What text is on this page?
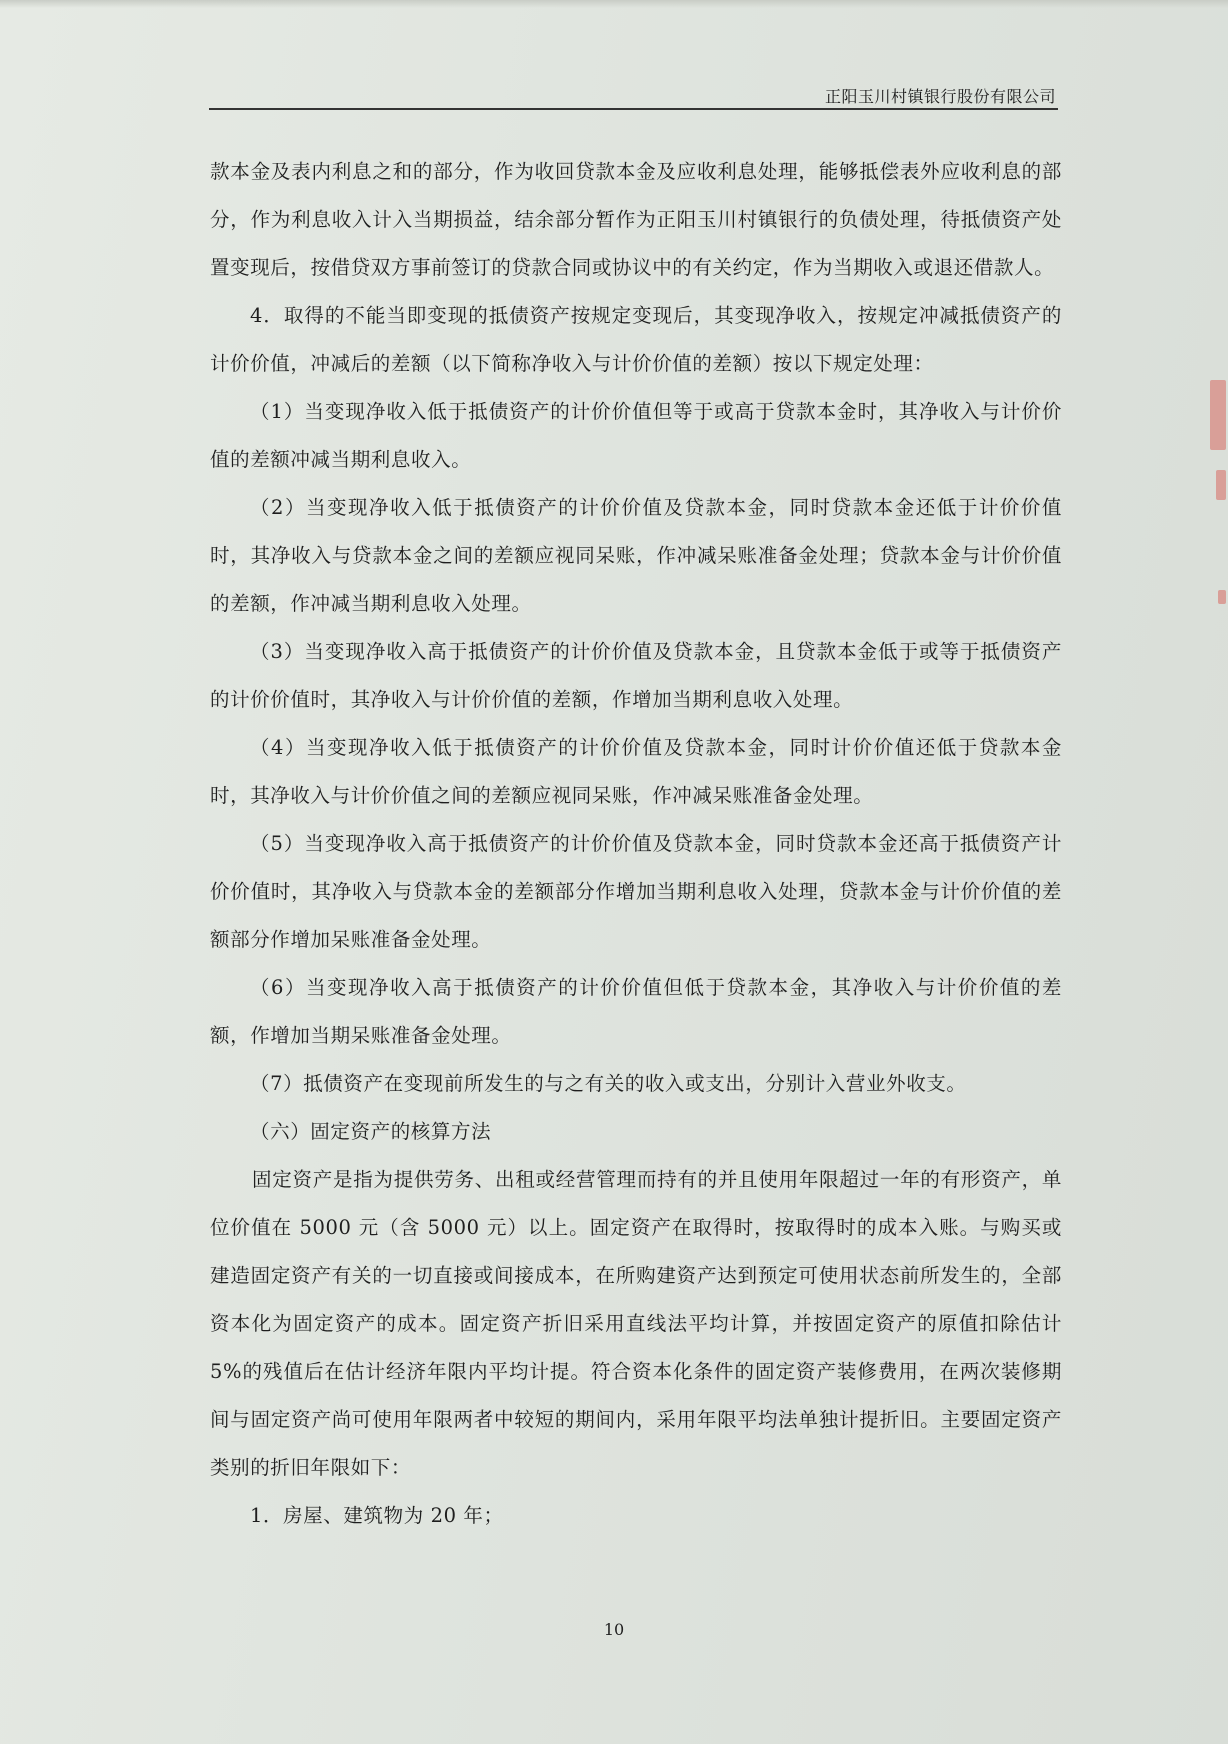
正阳玉川村镇银行股份有限公司

款本金及表内利息之和的部分，作为收回贷款本金及应收利息处理，能够抵偿表外应收利息的部分，作为利息收入计入当期损益，结余部分暂作为正阳玉川村镇银行的负债处理，待抵债资产处置变现后，按借贷双方事前签订的贷款合同或协议中的有关约定，作为当期收入或退还借款人。

4．取得的不能当即变现的抵债资产按规定变现后，其变现净收入，按规定冲减抵债资产的计价价值，冲减后的差额（以下简称净收入与计价价值的差额）按以下规定处理：

（1）当变现净收入低于抵债资产的计价价值但等于或高于贷款本金时，其净收入与计价价值的差额冲减当期利息收入。

（2）当变现净收入低于抵债资产的计价价值及贷款本金，同时贷款本金还低于计价价值时，其净收入与贷款本金之间的差额应视同呆账，作冲减呆账准备金处理；贷款本金与计价价值的差额，作冲减当期利息收入处理。

（3）当变现净收入高于抵债资产的计价价值及贷款本金，且贷款本金低于或等于抵债资产的计价价值时，其净收入与计价价值的差额，作增加当期利息收入处理。

（4）当变现净收入低于抵债资产的计价价值及贷款本金，同时计价价值还低于贷款本金时，其净收入与计价价值之间的差额应视同呆账，作冲减呆账准备金处理。

（5）当变现净收入高于抵债资产的计价价值及贷款本金，同时贷款本金还高于抵债资产计价价值时，其净收入与贷款本金的差额部分作增加当期利息收入处理，贷款本金与计价价值的差额部分作增加呆账准备金处理。

（6）当变现净收入高于抵债资产的计价价值但低于贷款本金，其净收入与计价价值的差额，作增加当期呆账准备金处理。

（7）抵债资产在变现前所发生的与之有关的收入或支出，分别计入营业外收支。

（六）固定资产的核算方法

固定资产是指为提供劳务、出租或经营管理而持有的并且使用年限超过一年的有形资产，单位价值在 5000 元（含 5000 元）以上。固定资产在取得时，按取得时的成本入账。与购买或建造固定资产有关的一切直接或间接成本，在所购建资产达到预定可使用状态前所发生的，全部资本化为固定资产的成本。固定资产折旧采用直线法平均计算，并按固定资产的原值扣除估计 5%的残值后在估计经济年限内平均计提。符合资本化条件的固定资产装修费用，在两次装修期间与固定资产尚可使用年限两者中较短的期间内，采用年限平均法单独计提折旧。主要固定资产类别的折旧年限如下：

1．房屋、建筑物为 20 年；

10
